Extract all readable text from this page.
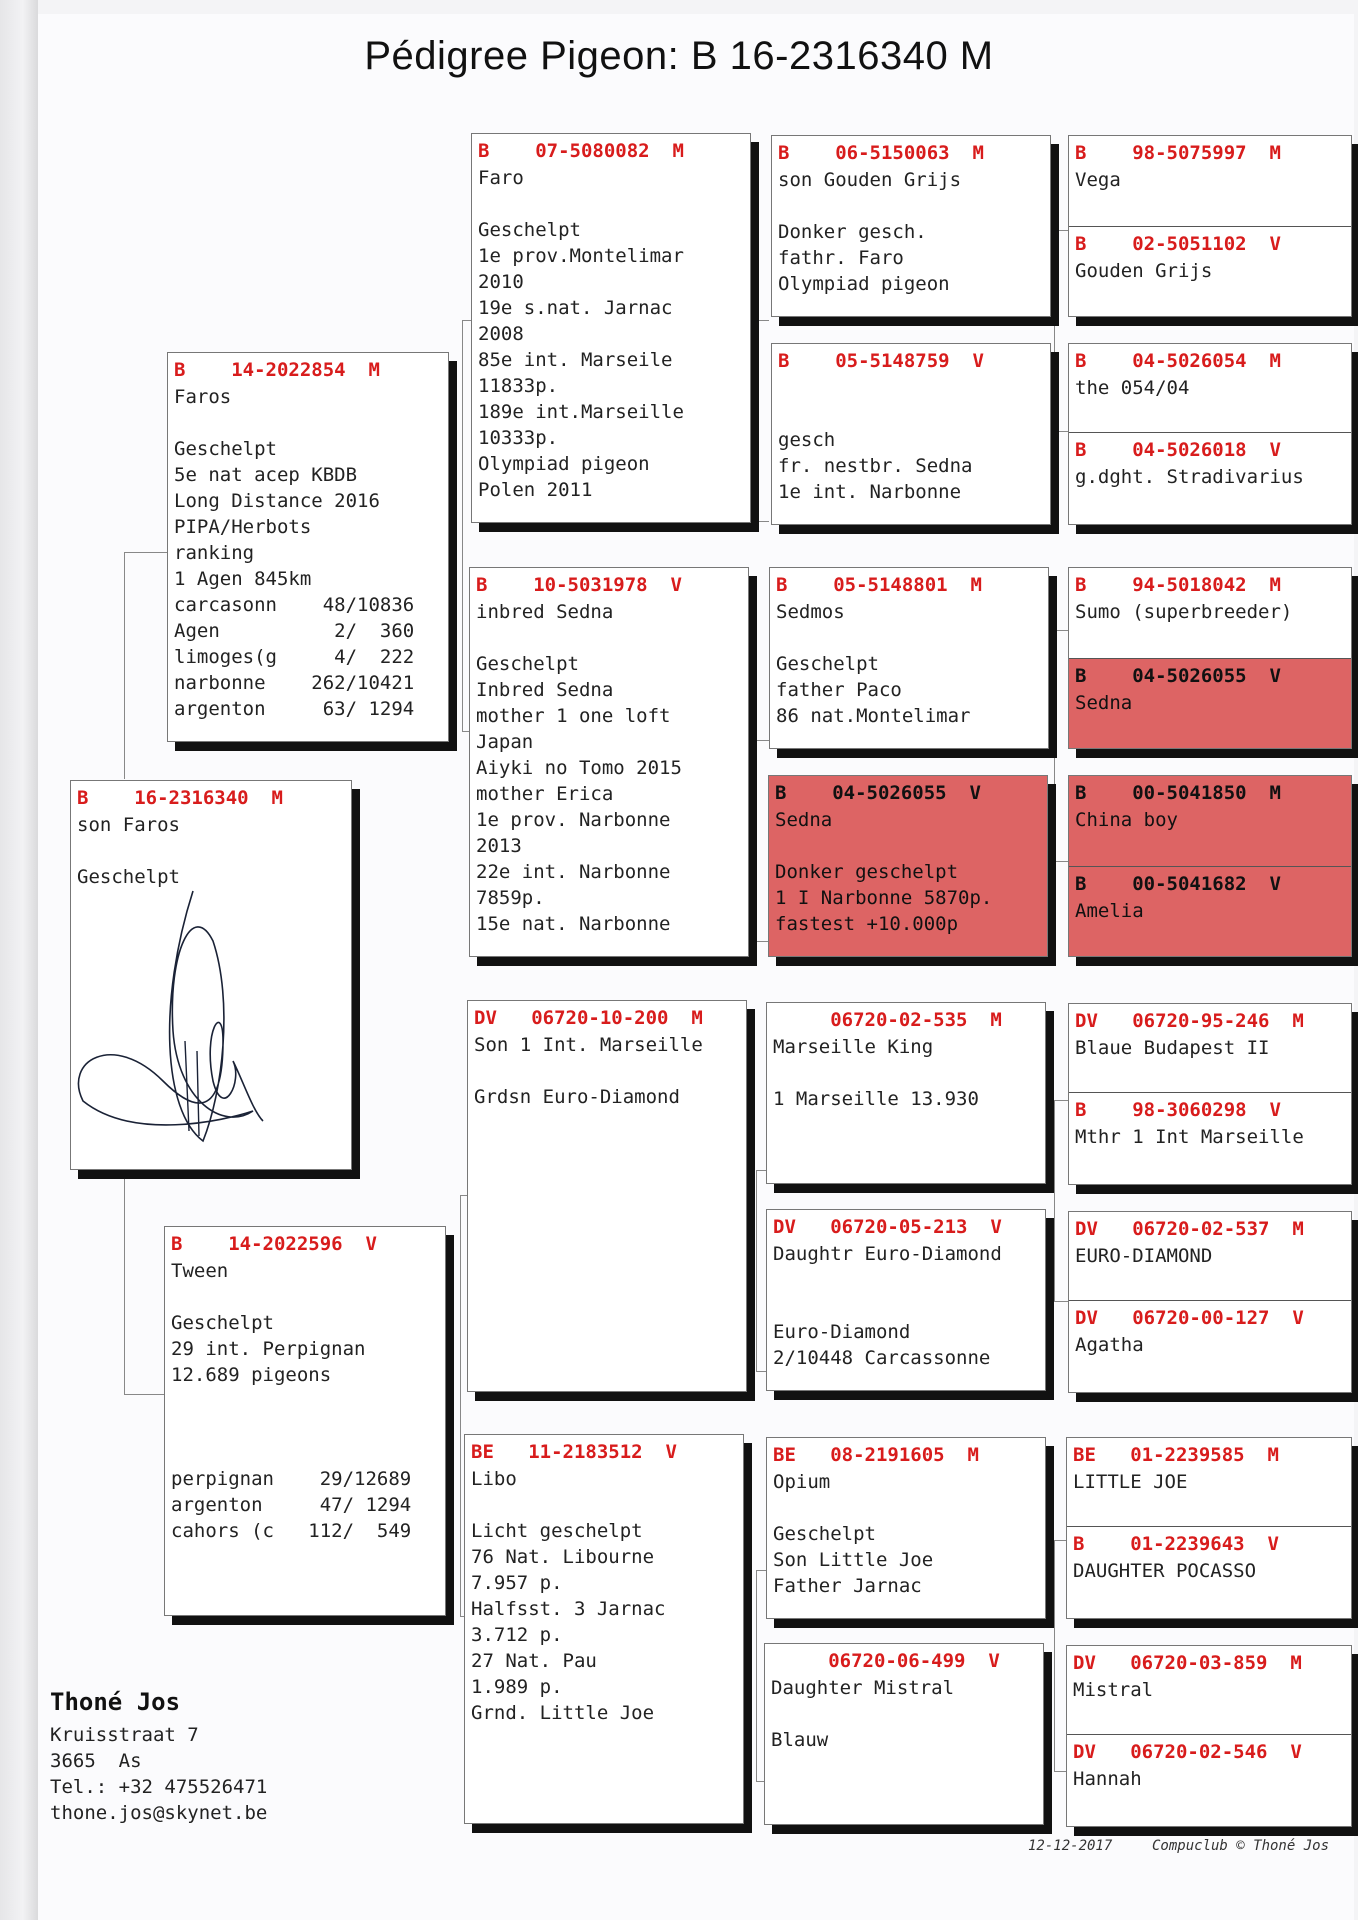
Pédigree Pigeon: B 16-2316340 M
B    16-2316340  M
son Faros
Geschelpt
B    14-2022854  M
Faros
Geschelpt
5e nat acep KBDB
Long Distance 2016
PIPA/Herbots
ranking
1 Agen 845km
carcasonn    48/10836
Agen          2/  360
limoges(g     4/  222
narbonne    262/10421
argenton     63/ 1294
B    14-2022596  V
Tween
Geschelpt
29 int. Perpignan
12.689 pigeons
perpignan    29/12689
argenton     47/ 1294
cahors (c   112/  549
B    07-5080082  M
Faro
Geschelpt
1e prov.Montelimar
2010
19e s.nat. Jarnac
2008
85e int. Marseile
11833p.
189e int.Marseille
10333p.
Olympiad pigeon
Polen 2011
B    10-5031978  V
inbred Sedna
Geschelpt
Inbred Sedna
mother 1 one loft
Japan
Aiyki no Tomo 2015
mother Erica
1e prov. Narbonne
2013
22e int. Narbonne
7859p.
15e nat. Narbonne
DV   06720-10-200  M
Son 1 Int. Marseille
Grdsn Euro-Diamond
BE   11-2183512  V
Libo
Licht geschelpt
76 Nat. Libourne
7.957 p.
Halfsst. 3 Jarnac
3.712 p.
27 Nat. Pau
1.989 p.
Grnd. Little Joe
B    06-5150063  M
son Gouden Grijs
Donker gesch.
fathr. Faro
Olympiad pigeon
B    05-5148759  V
gesch
fr. nestbr. Sedna
1e int. Narbonne
B    05-5148801  M
Sedmos
Geschelpt
father Paco
86 nat.Montelimar
B    04-5026055  V
Sedna
Donker geschelpt
1 I Narbonne 5870p.
fastest +10.000p
06720-02-535  M
Marseille King
1 Marseille 13.930
DV   06720-05-213  V
Daughtr Euro-Diamond
Euro-Diamond
2/10448 Carcassonne
BE   08-2191605  M
Opium
Geschelpt
Son Little Joe
Father Jarnac
06720-06-499  V
Daughter Mistral
Blauw
B    98-5075997  M
Vega
B    02-5051102  V
Gouden Grijs
B    04-5026054  M
the 054/04
B    04-5026018  V
g.dght. Stradivarius
B    94-5018042  M
Sumo (superbreeder)
B    04-5026055  V
Sedna
B    00-5041850  M
China boy
B    00-5041682  V
Amelia
DV   06720-95-246  M
Blaue Budapest II
B    98-3060298  V
Mthr 1 Int Marseille
DV   06720-02-537  M
EURO-DIAMOND
DV   06720-00-127  V
Agatha
BE   01-2239585  M
LITTLE JOE
B    01-2239643  V
DAUGHTER POCASSO
DV   06720-03-859  M
Mistral
DV   06720-02-546  V
Hannah
Thoné Jos
Kruisstraat 7
3665  As
Tel.: +32 475526471
thone.jos@skynet.be
12-12-2017	Compuclub © Thoné Jos
